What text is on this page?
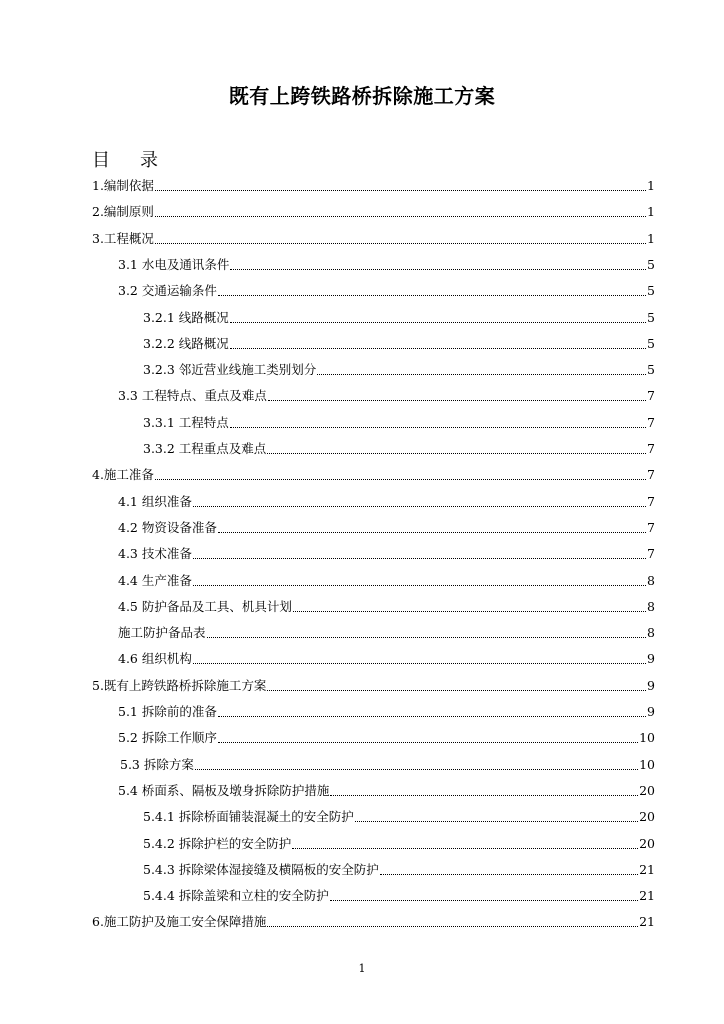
既有上跨铁路桥拆除施工方案
目 录
1.编制依据	1
2.编制原则	1
3.工程概况	1
3.1 水电及通讯条件	5
3.2 交通运输条件	5
3.2.1 线路概况	5
3.2.2 线路概况	5
3.2.3 邻近营业线施工类别划分	5
3.3 工程特点、重点及难点	7
3.3.1 工程特点	7
3.3.2 工程重点及难点	7
4.施工准备	7
4.1 组织准备	7
4.2 物资设备准备	7
4.3 技术准备	7
4.4 生产准备	8
4.5 防护备品及工具、机具计划	8
施工防护备品表	8
4.6 组织机构	9
5.既有上跨铁路桥拆除施工方案	9
5.1 拆除前的准备	9
5.2 拆除工作顺序	10
5.3 拆除方案	10
5.4 桥面系、隔板及墩身拆除防护措施	20
5.4.1 拆除桥面铺装混凝土的安全防护	20
5.4.2 拆除护栏的安全防护	20
5.4.3 拆除梁体湿接缝及横隔板的安全防护	21
5.4.4 拆除盖梁和立柱的安全防护	21
6.施工防护及施工安全保障措施	21
1
